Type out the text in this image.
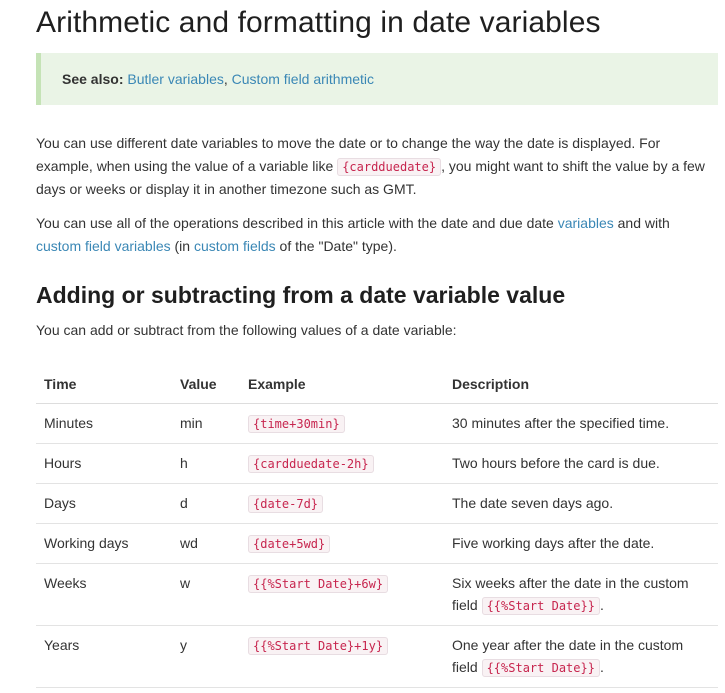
Arithmetic and formatting in date variables
See also:
Butler variables ,
Custom field arithmetic

You can use different date variables to move the date or to change the way the date is displayed. For example, when using the value of a variable like {cardduedate} , you might want to shift the value by a few days or weeks or display it in another timezone such as GMT.

You can use all of the operations described in this article with the date and due date variables and with custom field variables (in custom fields of the "Date" type).

Adding or subtracting from a date variable value

You can add or subtract from the following values of a date variable:

Time	Value	Example	Description
Minutes	min	{time+30min}	30 minutes after the specified time.
Hours	h	{cardduedate-2h}	Two hours before the card is due.
Days	d	{date-7d}	The date seven days ago.
Working days	wd	{date+5wd}	Five working days after the date.
Weeks	w	{{%Start Date}+6w}	Six weeks after the date in the custom field {{%Start Date}} .
Years	y	{{%Start Date}+1y}	One year after the date in the custom field {{%Start Date}} .
